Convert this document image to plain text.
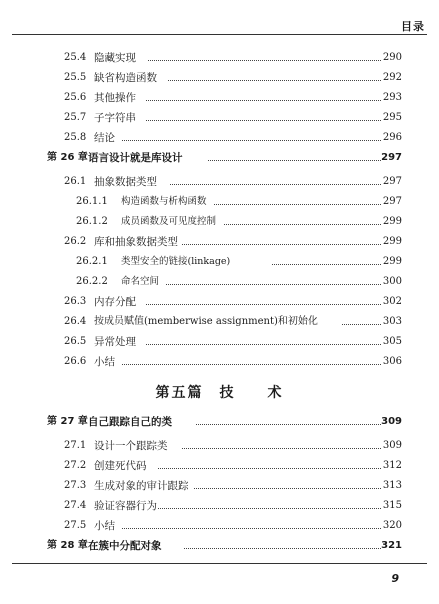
目录
25.4 隐藏实现	290
25.5 缺省构造函数	292
25.6 其他操作	293
25.7 子字符串	295
25.8 结论	296
第 26 章 语言设计就是库设计	297
26.1 抽象数据类型	297
26.1.1 构造函数与析构函数	297
26.1.2 成员函数及可见度控制	299
26.2 库和抽象数据类型	299
26.2.1 类型安全的链接(linkage)	299
26.2.2 命名空间	300
26.3 内存分配	302
26.4 按成员赋值(memberwise assignment)和初始化	303
26.5 异常处理	305
26.6 小结	306
第五篇　技　　术
第 27 章 自己跟踪自己的类	309
27.1 设计一个跟踪类	309
27.2 创建死代码	312
27.3 生成对象的审计跟踪	313
27.4 验证容器行为	315
27.5 小结	320
第 28 章 在簇中分配对象	321
9
